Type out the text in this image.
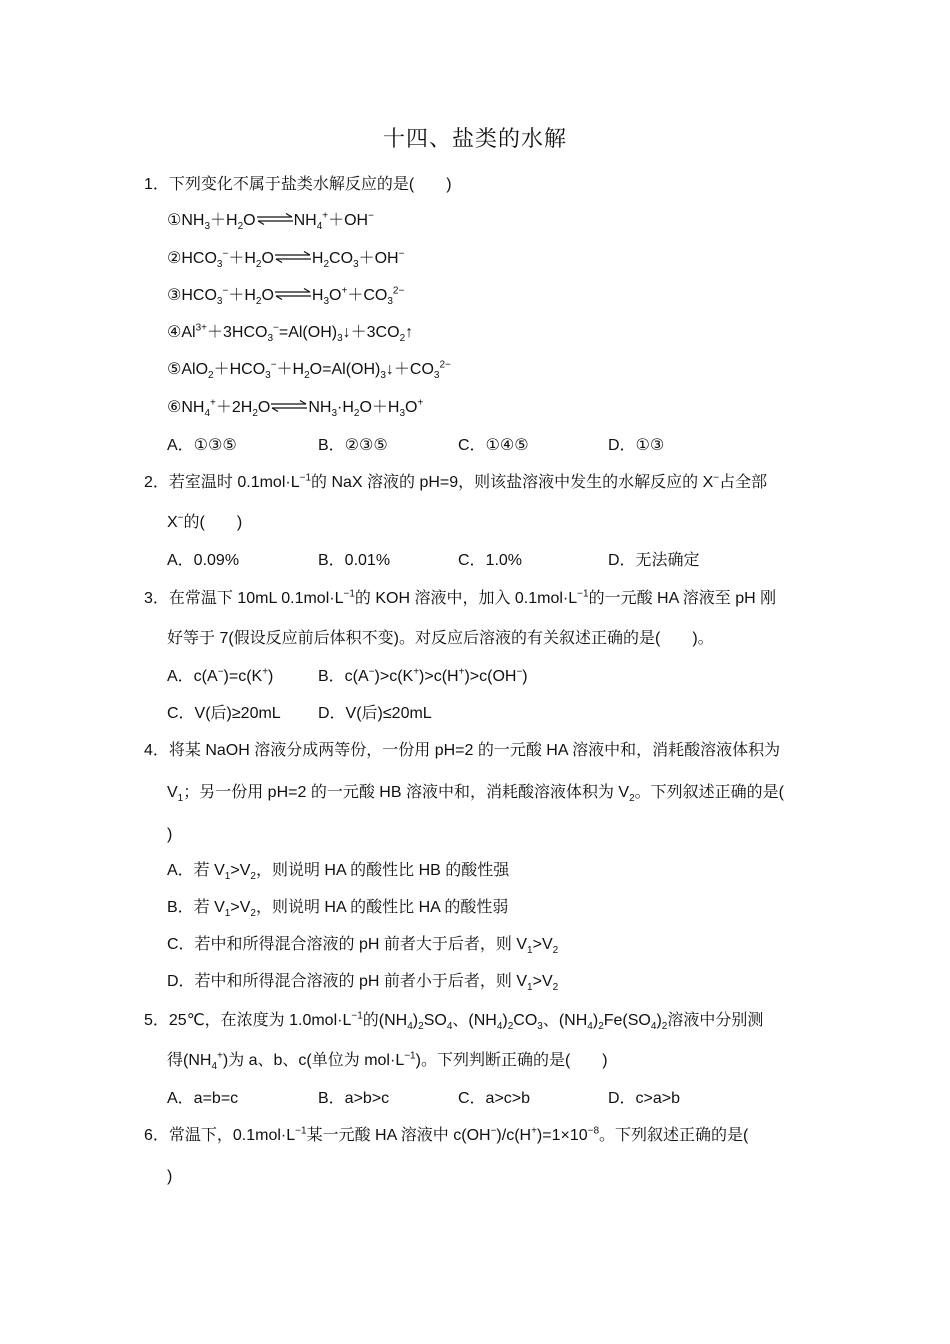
十四、盐类的水解
1．下列变化不属于盐类水解反应的是(　　)
$①NH_3+H_2O\rightleftharpoons NH_4^++OH^-$
$②HCO_3^-+H_2O\rightleftharpoons H_2CO_3+OH^-$
$③HCO_3^-+H_2O\rightleftharpoons H_3O^++CO_3^{2-}$
$④Al^{3+}+3HCO_3^-=Al(OH)_3↓+3CO_2↑$
$⑤AlO_2+HCO_3^-+H_2O=Al(OH)_3↓+CO_3^{2-}$
$⑥NH_4^++2H_2O\rightleftharpoons NH_3\cdot H_2O+H_3O^+$
A．①③⑤	B．②③⑤	C．①④⑤	D．①③
2．若室温时 $0.1mol\cdot L^{-1}$的 NaX 溶液的 pH=9，则该盐溶液中发生的水解反应的 X−占全部
X−的(　　)
A．0.09%	B．0.01%	C．1.0%	D．无法确定
3．在常温下 10mL $0.1mol\cdot L^{-1}$的 KOH 溶液中，加入 $0.1mol\cdot L^{-1}$的一元酸 HA 溶液至 pH 刚
好等于 7(假设反应前后体积不变)。对反应后溶液的有关叙述正确的是(　　)。
A．c(A−)=c(K+)	B．c(A−)>c(K+)>c(H+)>c(OH−)
C．V(后)≥20mL D．V(后)≤20mL
4．将某 NaOH 溶液分成两等份，一份用 pH=2 的一元酸 HA 溶液中和，消耗酸溶液体积为
$V_1$；另一份用 pH=2 的一元酸 HB 溶液中和，消耗酸溶液体积为 $V_2$。下列叙述正确的是(
)
A．若 $V_1>V_2$，则说明 HA 的酸性比 HB 的酸性强
B．若 $V_1>V_2$，则说明 HA 的酸性比 HA 的酸性弱
C．若中和所得混合溶液的 pH 前者大于后者，则 $V_1>V_2$
D．若中和所得混合溶液的 pH 前者小于后者，则 $V_1>V_2$
5．25℃，在浓度为 $1.0mol\cdot L^{-1}$的$(NH_4)_2SO_4$、$(NH_4)_2CO_3$、$(NH_4)_2Fe(SO_4)_2$溶液中分别测
得$(NH_4^+)$为 a、b、c(单位为 $mol\cdot L^{-1}$)。下列判断正确的是(　　)
A．a=b=c	B．a>b>c	C．a>c>b	D．c>a>b
6．常温下，$0.1mol\cdot L^{-1}$某一元酸 HA 溶液中 $c(OH^-)/c(H^+)=1\times 10^{-8}$。下列叙述正确的是(
)
